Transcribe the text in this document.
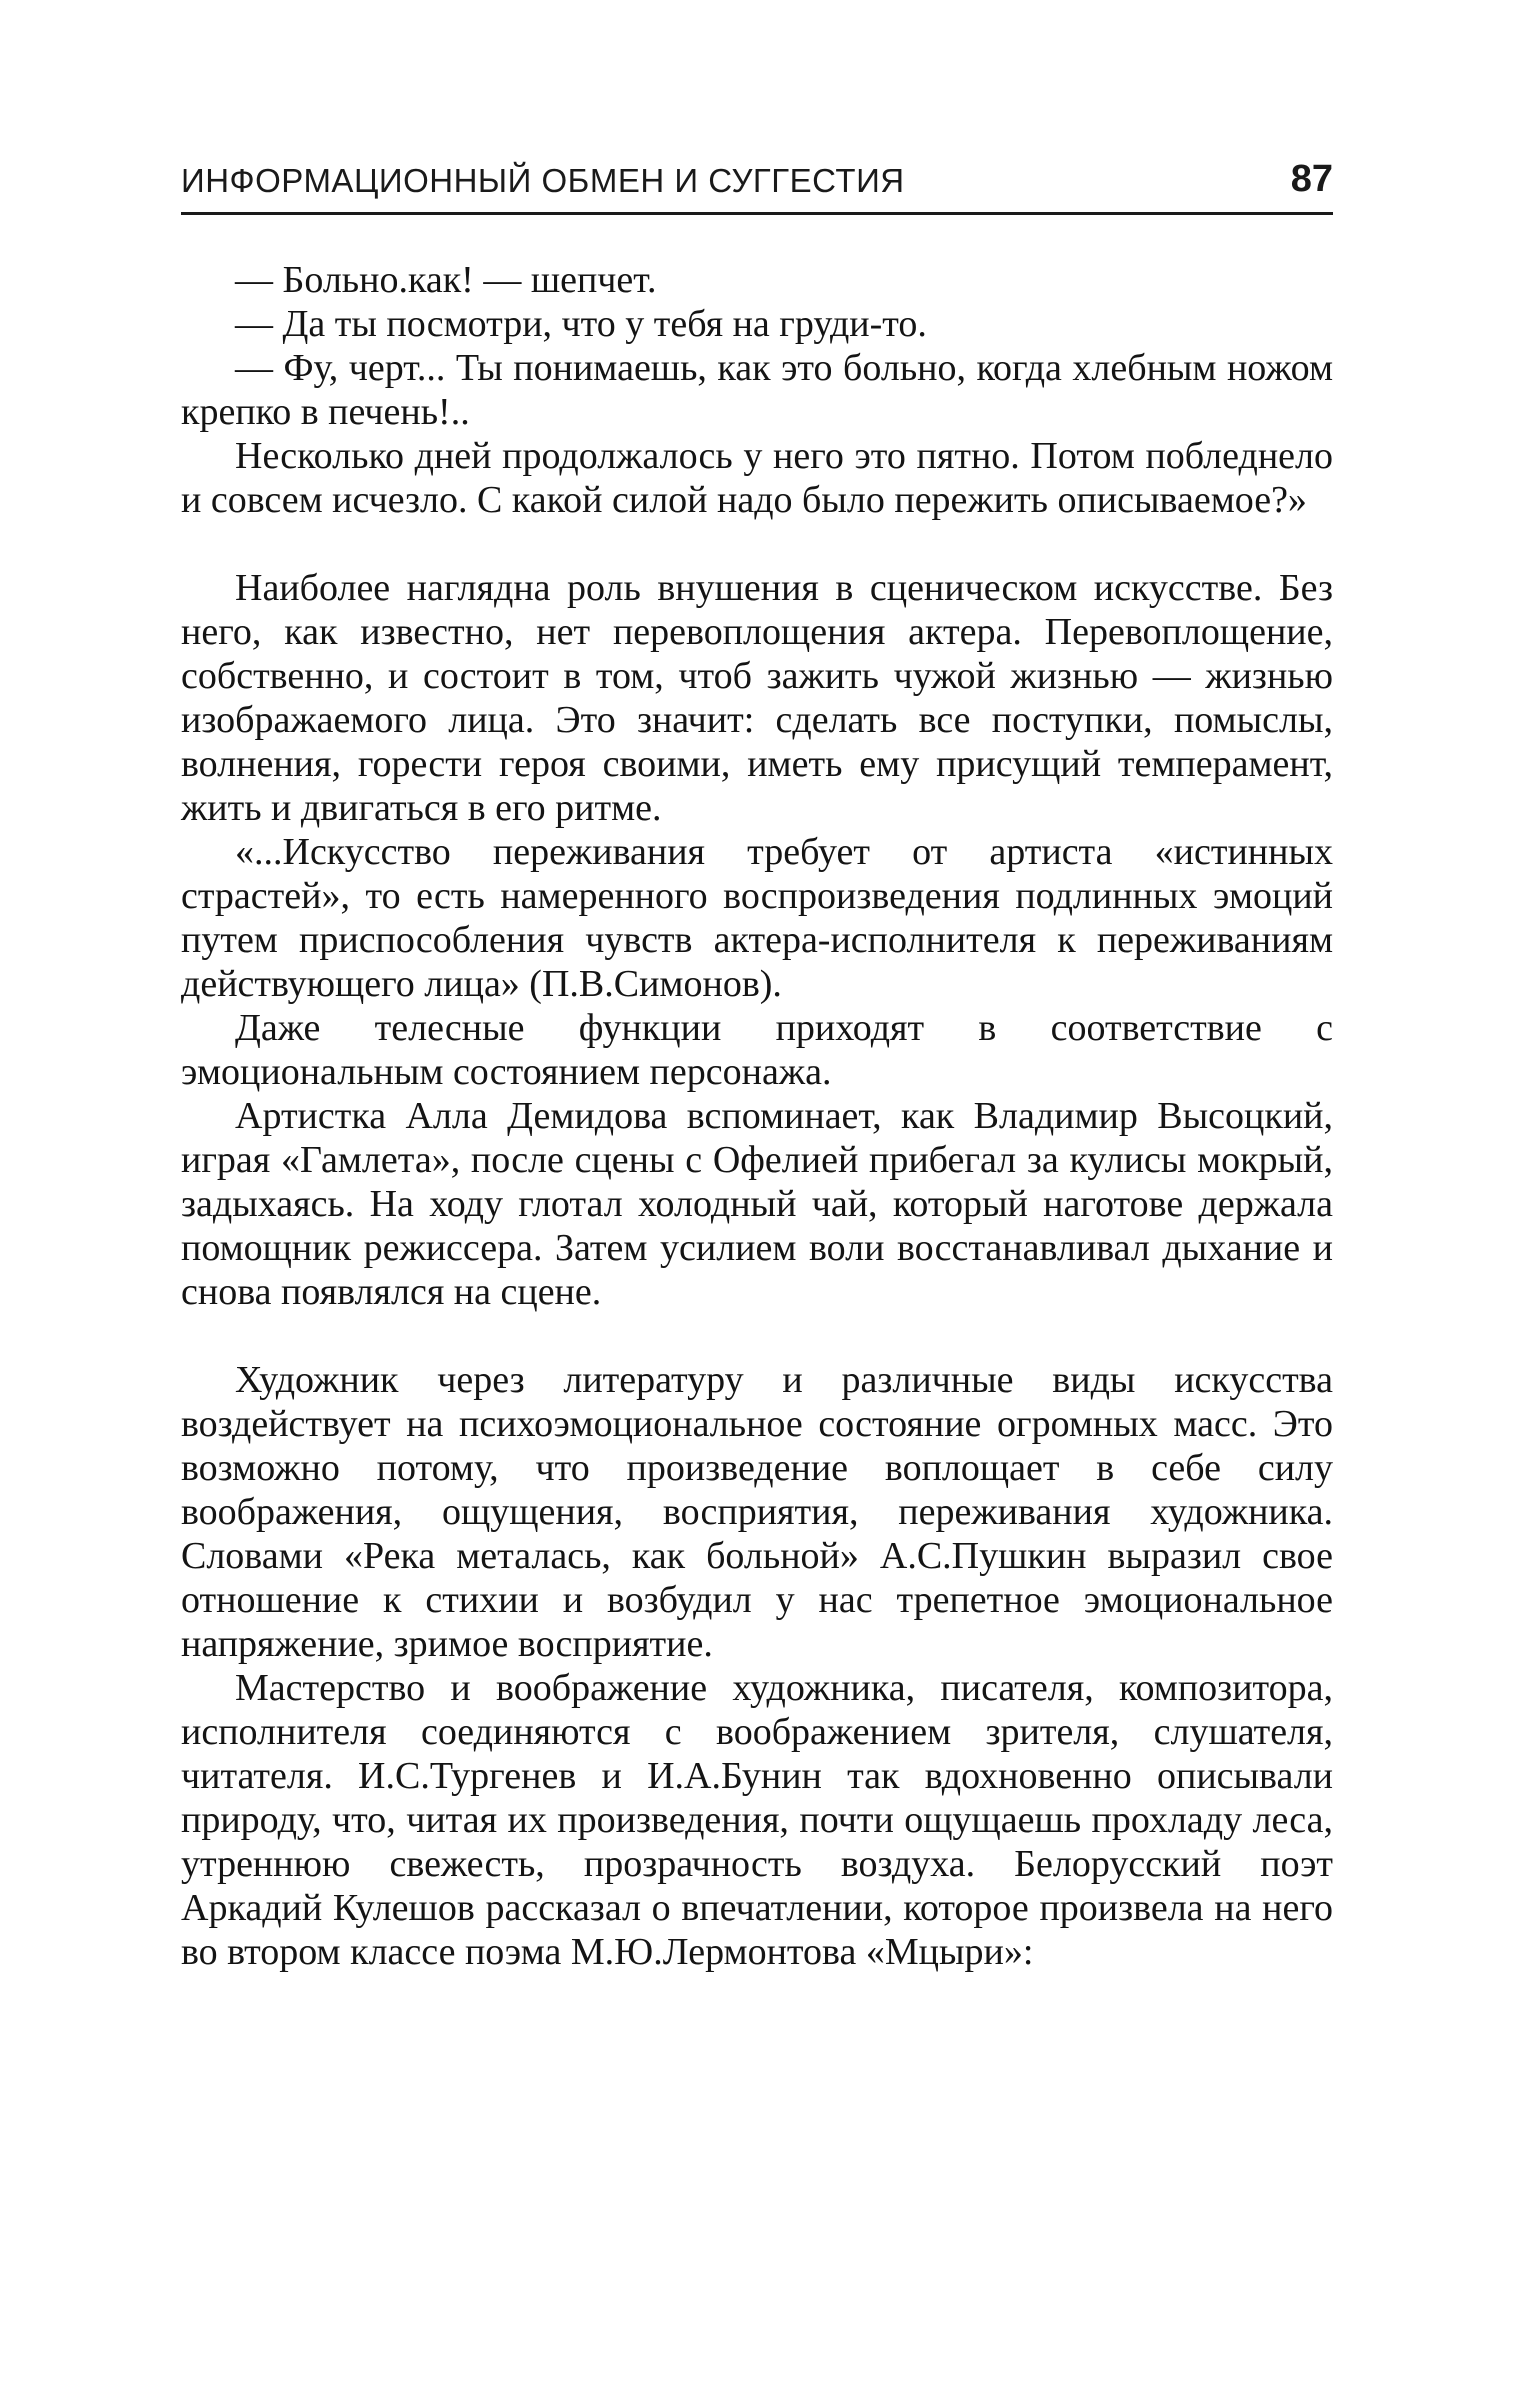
ИНФОРМАЦИОННЫЙ ОБМЕН И СУГГЕСТИЯ	87

— Больно.как! — шепчет.

— Да ты посмотри, что у тебя на груди-то.

— Фу, черт... Ты понимаешь, как это больно, когда хлебным ножом крепко в печень!..

Несколько дней продолжалось у него это пятно. Потом побледнело и совсем исчезло. С какой силой надо было пережить описываемое?»

Наиболее наглядна роль внушения в сценическом искусстве. Без него, как известно, нет перевоплощения актера. Перевоплощение, собственно, и состоит в том, чтоб зажить чужой жизнью — жизнью изображаемого лица. Это значит: сделать все поступки, помыслы, волнения, горести героя своими, иметь ему присущий темперамент, жить и двигаться в его ритме.

«...Искусство переживания требует от артиста «истинных страстей», то есть намеренного воспроизведения подлинных эмоций путем приспособления чувств актера-исполнителя к переживаниям действующего лица» (П.В.Симонов).

Даже телесные функции приходят в соответствие с эмоциональным состоянием персонажа.

Артистка Алла Демидова вспоминает, как Владимир Высоцкий, играя «Гамлета», после сцены с Офелией прибегал за кулисы мокрый, задыхаясь. На ходу глотал холодный чай, который наготове держала помощник режиссера. Затем усилием воли восстанавливал дыхание и снова появлялся на сцене.

Художник через литературу и различные виды искусства воздействует на психоэмоциональное состояние огромных масс. Это возможно потому, что произведение воплощает в себе силу воображения, ощущения, восприятия, переживания художника. Словами «Река металась, как больной» А.С.Пушкин выразил свое отношение к стихии и возбудил у нас трепетное эмоциональное напряжение, зримое восприятие.

Мастерство и воображение художника, писателя, композитора, исполнителя соединяются с воображением зрителя, слушателя, читателя. И.С.Тургенев и И.А.Бунин так вдохновенно описывали природу, что, читая их произведения, почти ощущаешь прохладу леса, утреннюю свежесть, прозрачность воздуха. Белорусский поэт Аркадий Кулешов рассказал о впечатлении, которое произвела на него во втором классе поэма М.Ю.Лермонтова «Мцыри»:
